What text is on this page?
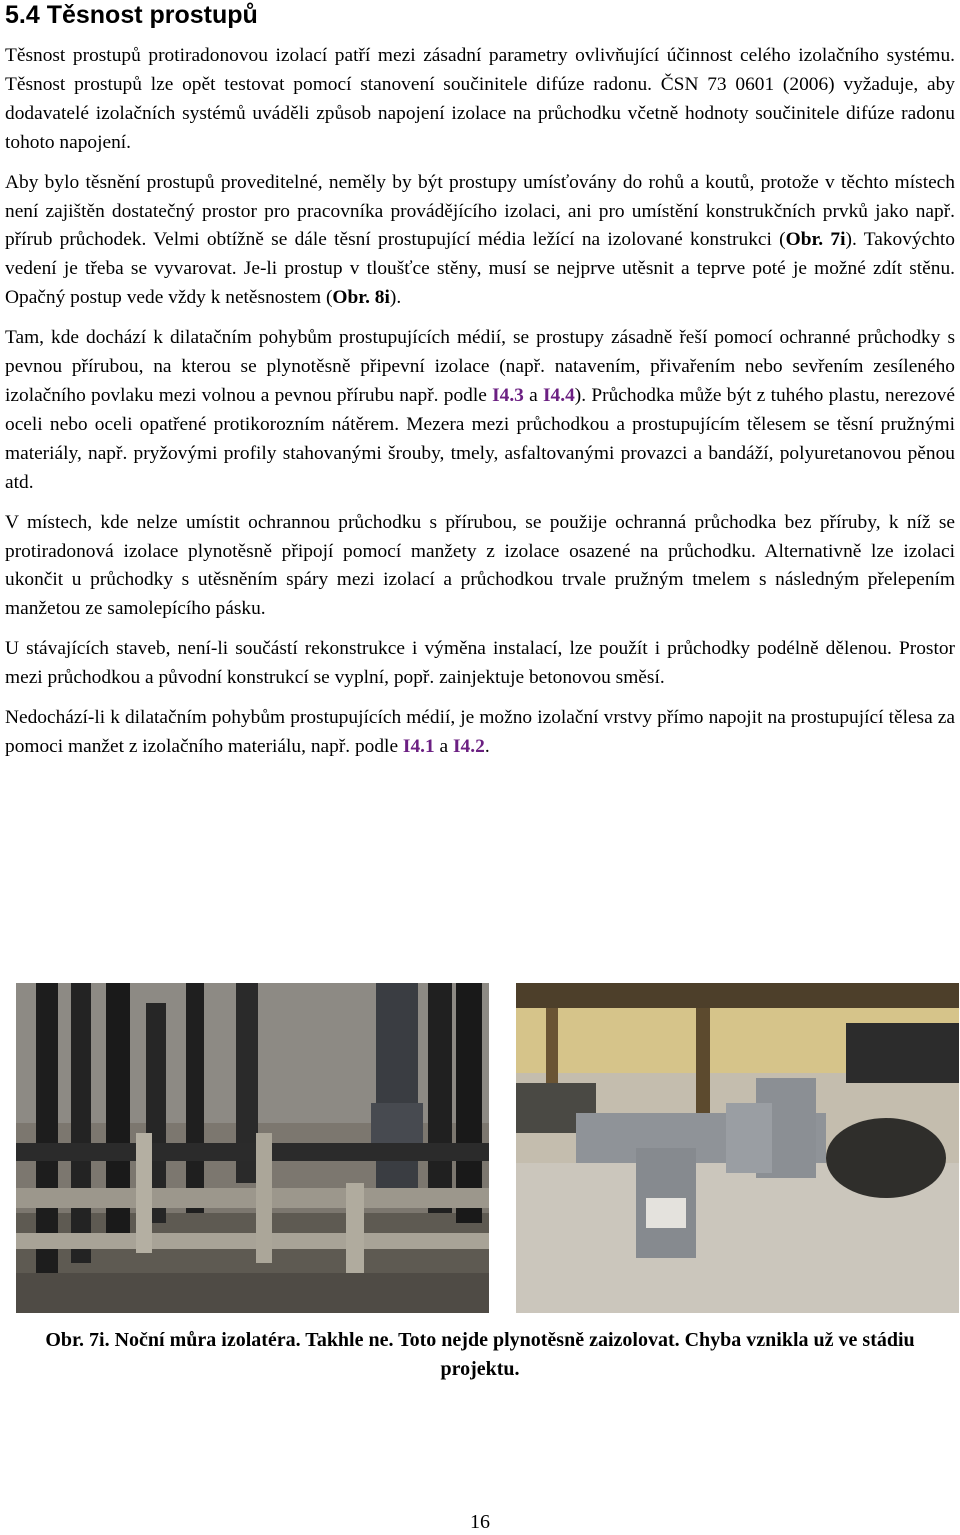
5.4 Těsnost prostupů

Těsnost prostupů protiradonovou izolací patří mezi zásadní parametry ovlivňující účinnost celého izolačního systému. Těsnost prostupů lze opět testovat pomocí stanovení součinitele difúze radonu. ČSN 73 0601 (2006) vyžaduje, aby dodavatelé izolačních systémů uváděli způsob napojení izolace na průchodku včetně hodnoty součinitele difúze radonu tohoto napojení.

Aby bylo těsnění prostupů proveditelné, neměly by být prostupy umísťovány do rohů a koutů, protože v těchto místech není zajištěn dostatečný prostor pro pracovníka provádějícího izolaci, ani pro umístění konstrukčních prvků jako např. přírub průchodek. Velmi obtížně se dále těsní prostupující média ležící na izolované konstrukci (Obr. 7i). Takovýchto vedení je třeba se vyvarovat. Je-li prostup v tloušťce stěny, musí se nejprve utěsnit a teprve poté je možné zdít stěnu. Opačný postup vede vždy k netěsnostem (Obr. 8i).

Tam, kde dochází k dilatačním pohybům prostupujících médií, se prostupy zásadně řeší pomocí ochranné průchodky s pevnou přírubou, na kterou se plynotěsně připevní izolace (např. natavením, přivařením nebo sevřením zesíleného izolačního povlaku mezi volnou a pevnou přírubu např. podle I4.3 a I4.4). Průchodka může být z tuhého plastu, nerezové oceli nebo oceli opatřené protikorozním nátěrem. Mezera mezi průchodkou a prostupujícím tělesem se těsní pružnými materiály, např. pryžovými profily stahovanými šrouby, tmely, asfaltovanými provazci a bandáží, polyuretanovou pěnou atd.

V místech, kde nelze umístit ochrannou průchodku s přírubou, se použije ochranná průchodka bez příruby, k níž se protiradonová izolace plynotěsně připojí pomocí manžety z izolace osazené na průchodku. Alternativně lze izolaci ukončit u průchodky s utěsněním spáry mezi izolací a průchodkou trvale pružným tmelem s následným přelepením manžetou ze samolepícího pásku.

U stávajících staveb, není-li součástí rekonstrukce i výměna instalací, lze použít i průchodky podélně dělenou. Prostor mezi průchodkou a původní konstrukcí se vyplní, popř. zainjektuje betonovou směsí.

Nedochází-li k dilatačním pohybům prostupujících médií, je možno izolační vrstvy přímo napojit na prostupující tělesa za pomoci manžet z izolačního materiálu, např. podle I4.1 a I4.2.

Obr. 7i. Noční můra izolatéra. Takhle ne. Toto nejde plynotěsně zaizolovat. Chyba vznikla už ve stádiu projektu.

16
